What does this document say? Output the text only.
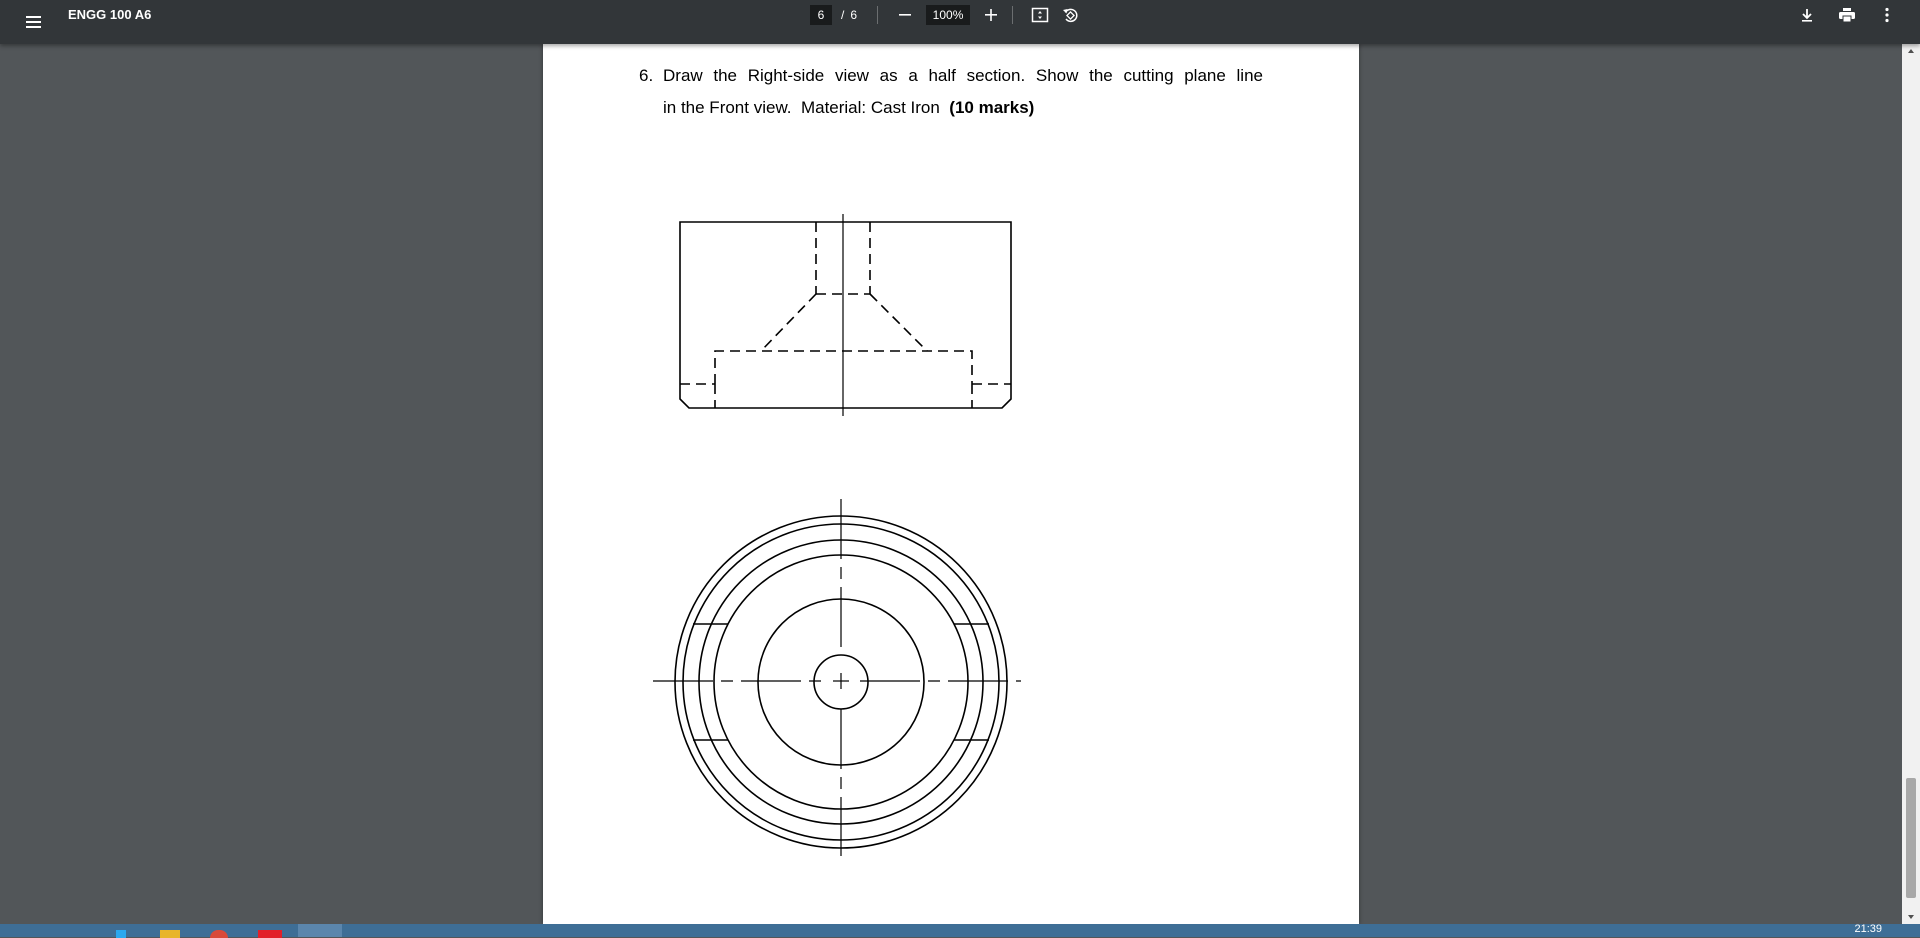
ENGG 100 A6
6	/ 6
100%
6. Draw the Right-side view as a half section. Show the cutting plane line
in the Front view.  Material: Cast Iron  (10 marks)
21:39
